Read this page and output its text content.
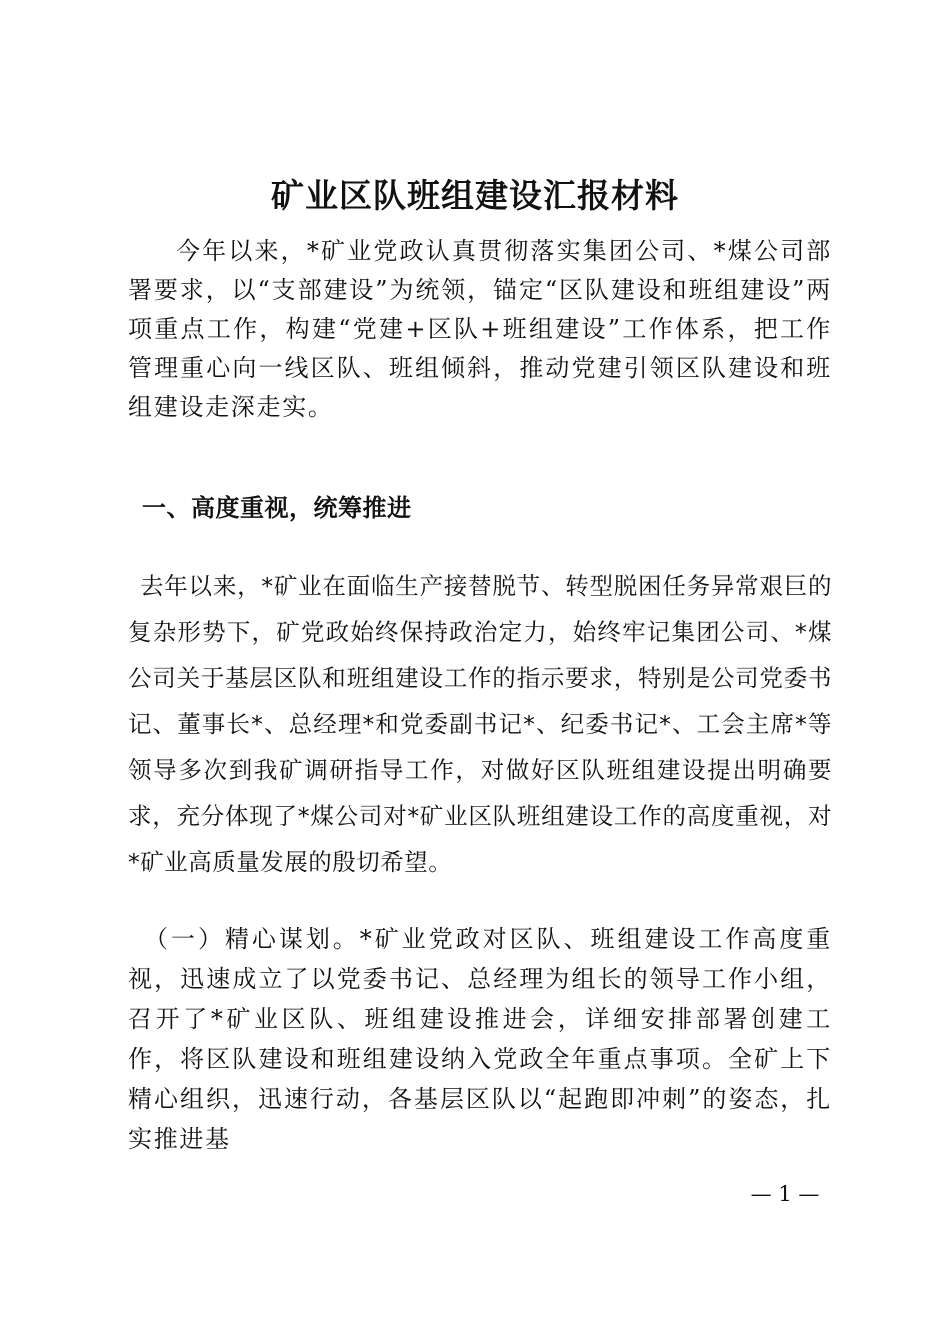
矿业区队班组建设汇报材料

今年以来，*矿业党政认真贯彻落实集团公司、*煤公司部署要求，以“支部建设”为统领，锚定“区队建设和班组建设”两项重点工作，构建“党建+区队+班组建设”工作体系，把工作管理重心向一线区队、班组倾斜，推动党建引领区队建设和班组建设走深走实。

一、高度重视，统筹推进

去年以来，*矿业在面临生产接替脱节、转型脱困任务异常艰巨的复杂形势下，矿党政始终保持政治定力，始终牢记集团公司、*煤公司关于基层区队和班组建设工作的指示要求，特别是公司党委书记、董事长*、总经理*和党委副书记*、纪委书记*、工会主席*等领导多次到我矿调研指导工作，对做好区队班组建设提出明确要求，充分体现了*煤公司对*矿业区队班组建设工作的高度重视，对*矿业高质量发展的殷切希望。

（一）精心谋划。*矿业党政对区队、班组建设工作高度重视，迅速成立了以党委书记、总经理为组长的领导工作小组，召开了*矿业区队、班组建设推进会，详细安排部署创建工作，将区队建设和班组建设纳入党政全年重点事项。全矿上下精心组织，迅速行动，各基层区队以“起跑即冲刺”的姿态，扎实推进基

— 1 —
